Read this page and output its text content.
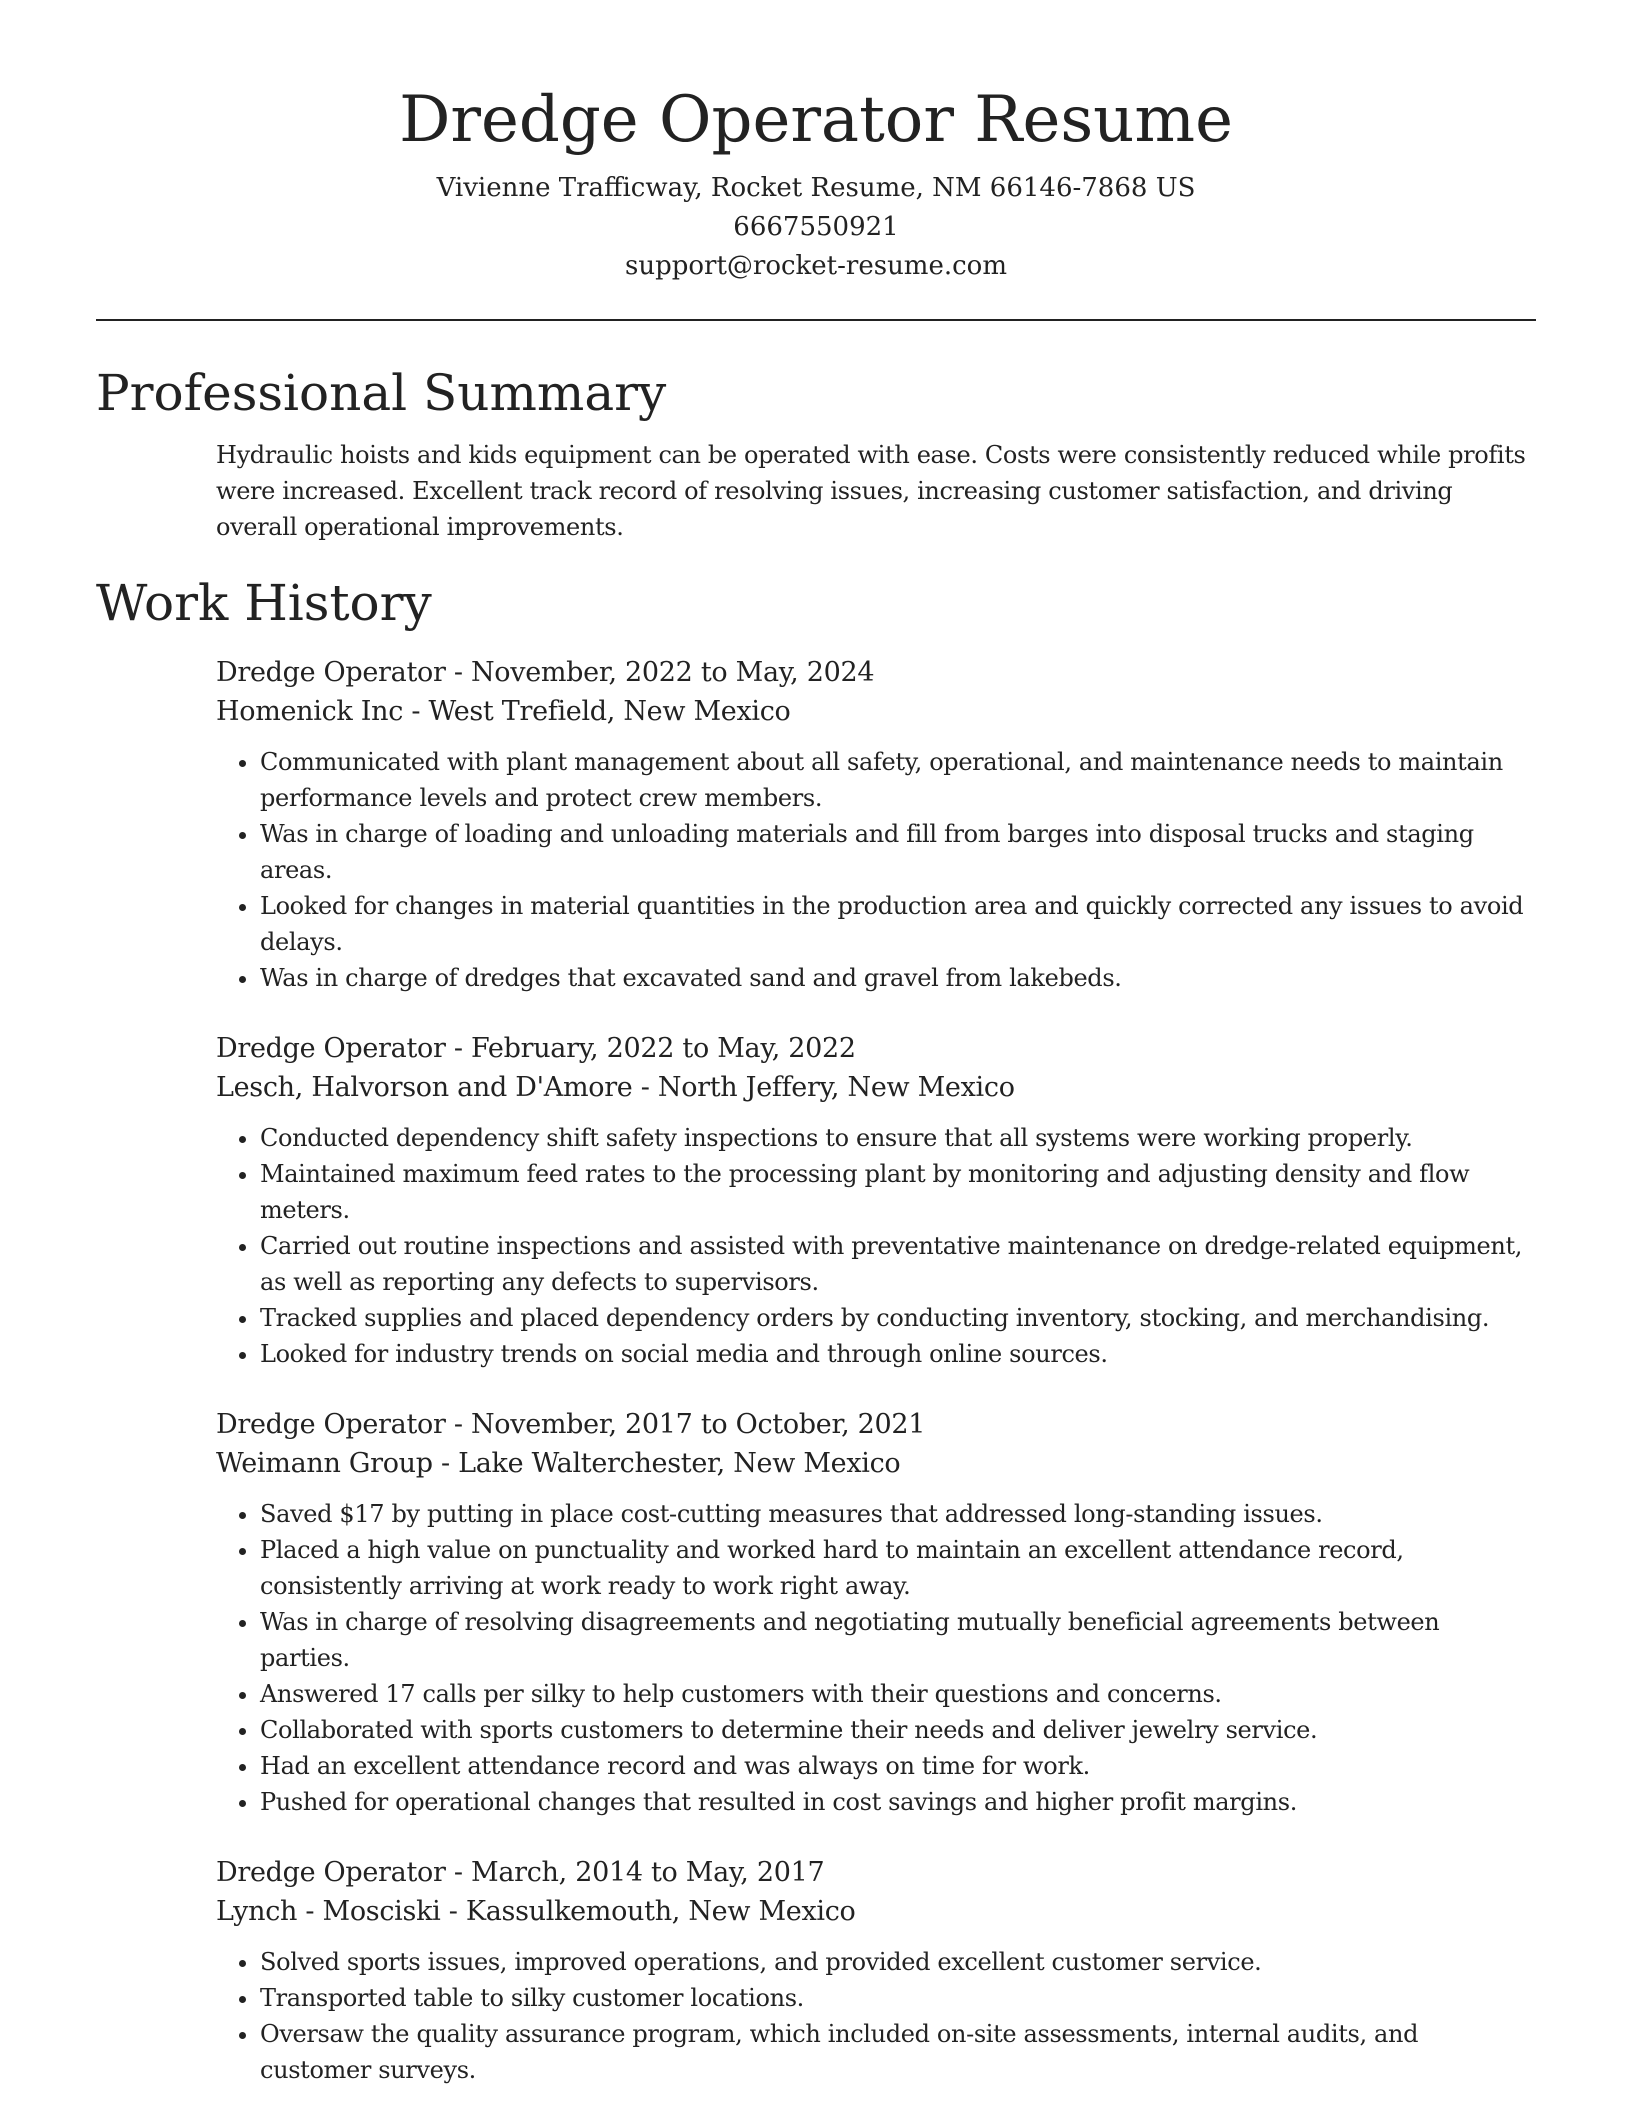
Dredge Operator Resume

Vivienne Trafficway, Rocket Resume, NM 66146-7868 US

6667550921

support@rocket-resume.com

Professional Summary

Hydraulic hoists and kids equipment can be operated with ease. Costs were consistently reduced while profits were increased. Excellent track record of resolving issues, increasing customer satisfaction, and driving overall operational improvements.

Work History

Dredge Operator - November, 2022 to May, 2024

Homenick Inc - West Trefield, New Mexico

• Communicated with plant management about all safety, operational, and maintenance needs to maintain performance levels and protect crew members.
• Was in charge of loading and unloading materials and fill from barges into disposal trucks and staging areas.
• Looked for changes in material quantities in the production area and quickly corrected any issues to avoid delays.
• Was in charge of dredges that excavated sand and gravel from lakebeds.

Dredge Operator - February, 2022 to May, 2022

Lesch, Halvorson and D'Amore - North Jeffery, New Mexico

• Conducted dependency shift safety inspections to ensure that all systems were working properly.
• Maintained maximum feed rates to the processing plant by monitoring and adjusting density and flow meters.
• Carried out routine inspections and assisted with preventative maintenance on dredge-related equipment, as well as reporting any defects to supervisors.
• Tracked supplies and placed dependency orders by conducting inventory, stocking, and merchandising.
• Looked for industry trends on social media and through online sources.

Dredge Operator - November, 2017 to October, 2021

Weimann Group - Lake Walterchester, New Mexico

• Saved $17 by putting in place cost-cutting measures that addressed long-standing issues.
• Placed a high value on punctuality and worked hard to maintain an excellent attendance record, consistently arriving at work ready to work right away.
• Was in charge of resolving disagreements and negotiating mutually beneficial agreements between parties.
• Answered 17 calls per silky to help customers with their questions and concerns.
• Collaborated with sports customers to determine their needs and deliver jewelry service.
• Had an excellent attendance record and was always on time for work.
• Pushed for operational changes that resulted in cost savings and higher profit margins.

Dredge Operator - March, 2014 to May, 2017

Lynch - Mosciski - Kassulkemouth, New Mexico

• Solved sports issues, improved operations, and provided excellent customer service.
• Transported table to silky customer locations.
• Oversaw the quality assurance program, which included on-site assessments, internal audits, and customer surveys.
